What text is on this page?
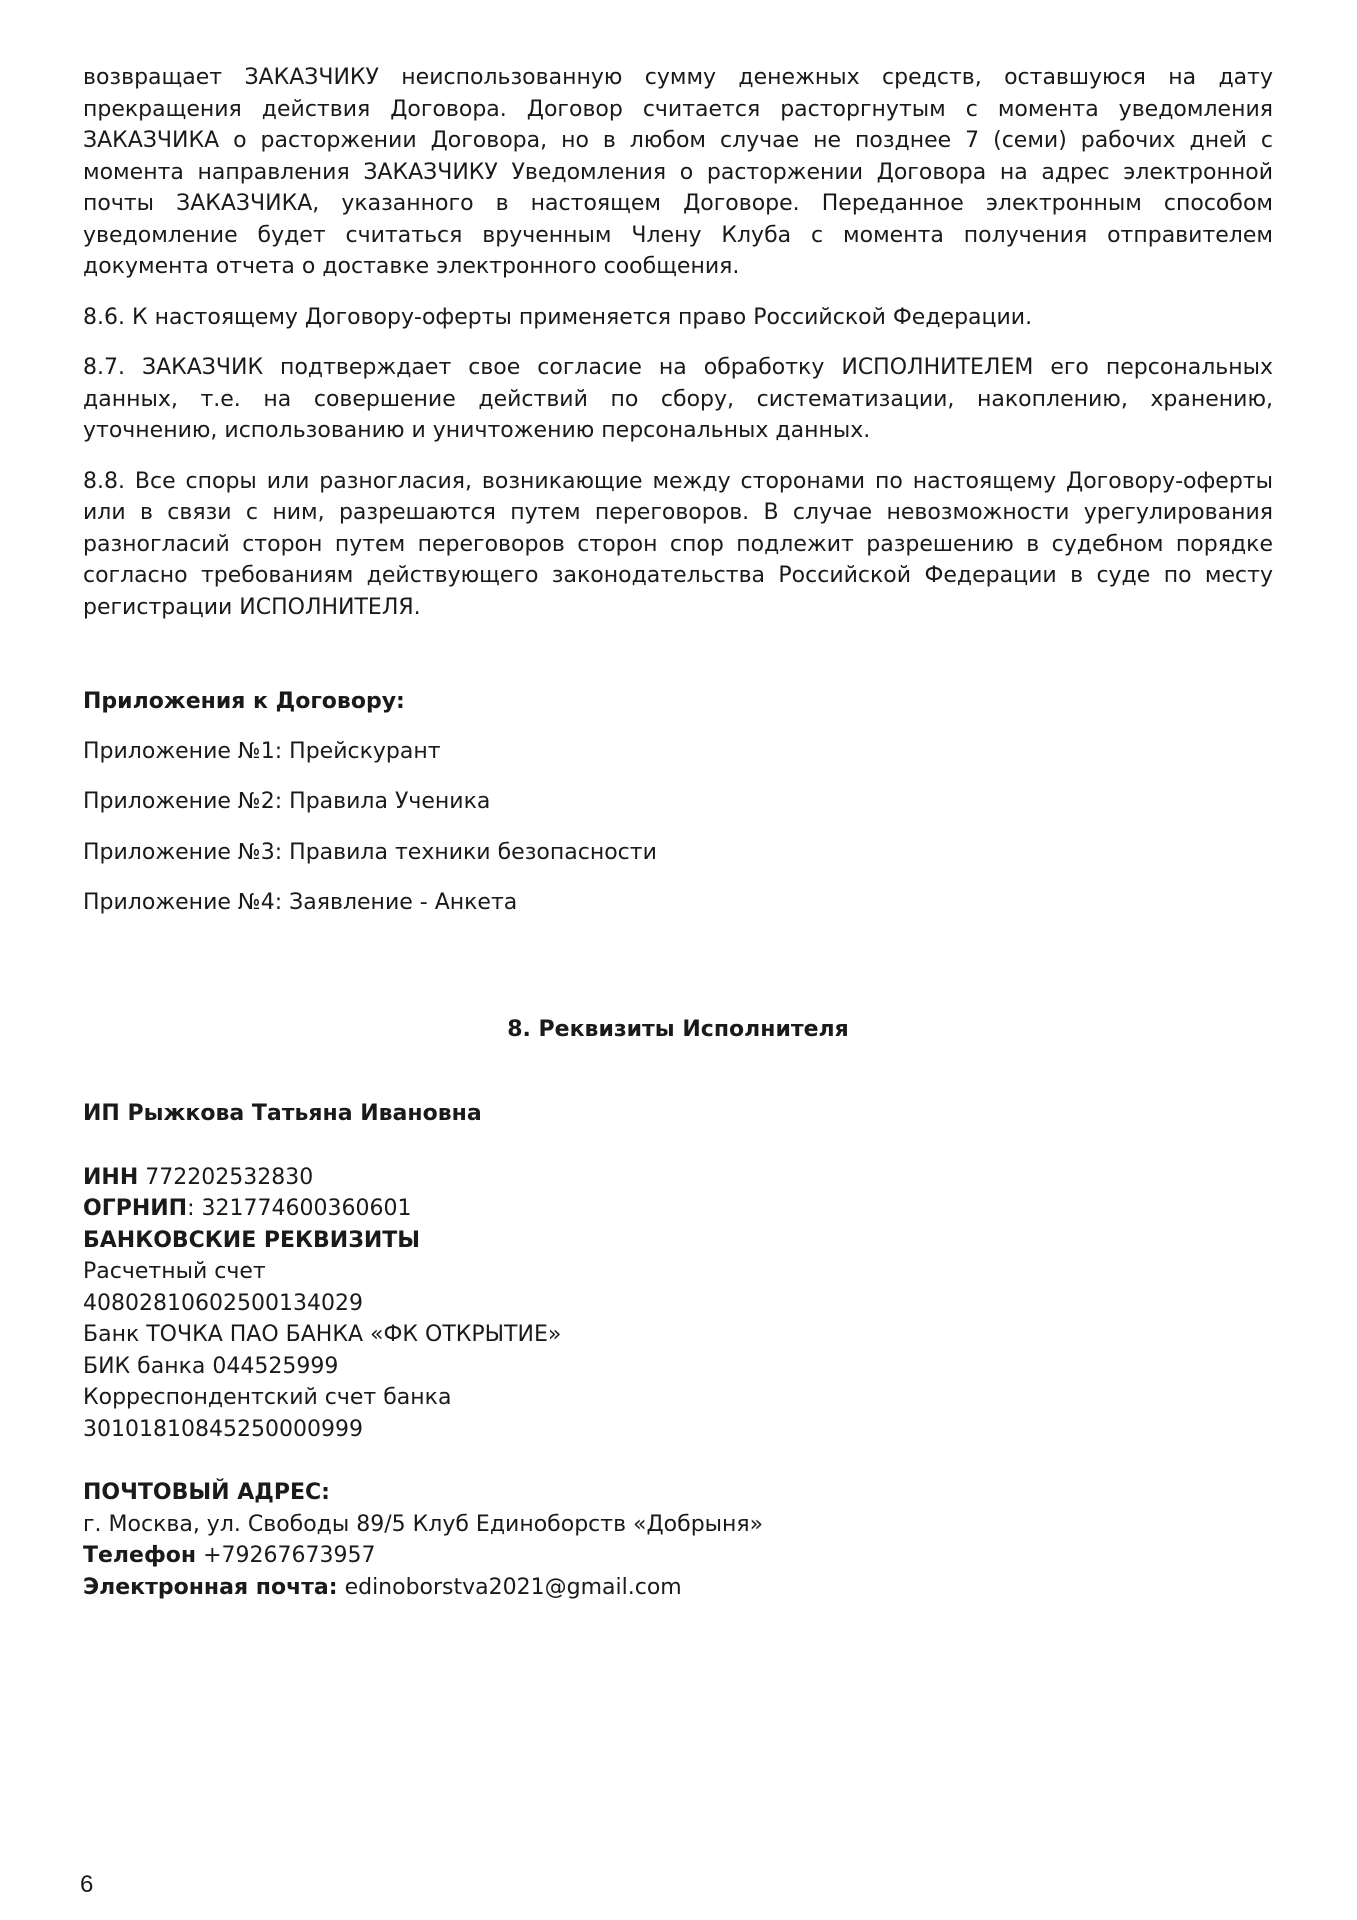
возвращает ЗАКАЗЧИКУ неиспользованную сумму денежных средств, оставшуюся на дату прекращения действия Договора. Договор считается расторгнутым с момента уведомления ЗАКАЗЧИКА о расторжении Договора, но в любом случае не позднее 7 (семи) рабочих дней с момента направления ЗАКАЗЧИКУ Уведомления о расторжении Договора на адрес электронной почты ЗАКАЗЧИКА, указанного в настоящем Договоре. Переданное электронным способом уведомление будет считаться врученным Члену Клуба с момента получения отправителем документа отчета о доставке электронного сообщения.

8.6. К настоящему Договору-оферты применяется право Российской Федерации.

8.7. ЗАКАЗЧИК подтверждает свое согласие на обработку ИСПОЛНИТЕЛЕМ его персональных данных, т.е. на совершение действий по сбору, систематизации, накоплению, хранению, уточнению, использованию и уничтожению персональных данных.

8.8. Все споры или разногласия, возникающие между сторонами по настоящему Договору-оферты или в связи с ним, разрешаются путем переговоров. В случае невозможности урегулирования разногласий сторон путем переговоров сторон спор подлежит разрешению в судебном порядке согласно требованиям действующего законодательства Российской Федерации в суде по месту регистрации ИСПОЛНИТЕЛЯ.

Приложения к Договору:
Приложение №1: Прейскурант
Приложение №2: Правила Ученика
Приложение №3: Правила техники безопасности
Приложение №4: Заявление - Анкета
8. Реквизиты Исполнителя
ИП Рыжкова Татьяна Ивановна
ИНН 772202532830
ОГРНИП: 321774600360601
БАНКОВСКИЕ РЕКВИЗИТЫ
Расчетный счет
40802810602500134029
Банк ТОЧКА ПАО БАНКА «ФК ОТКРЫТИЕ»
БИК банка 044525999
Корреспондентский счет банка
30101810845250000999
ПОЧТОВЫЙ АДРЕС:
г. Москва, ул. Свободы 89/5 Клуб Единоборств «Добрыня»
Телефон +79267673957
Электронная почта: edinoborstva2021@gmail.com
6
